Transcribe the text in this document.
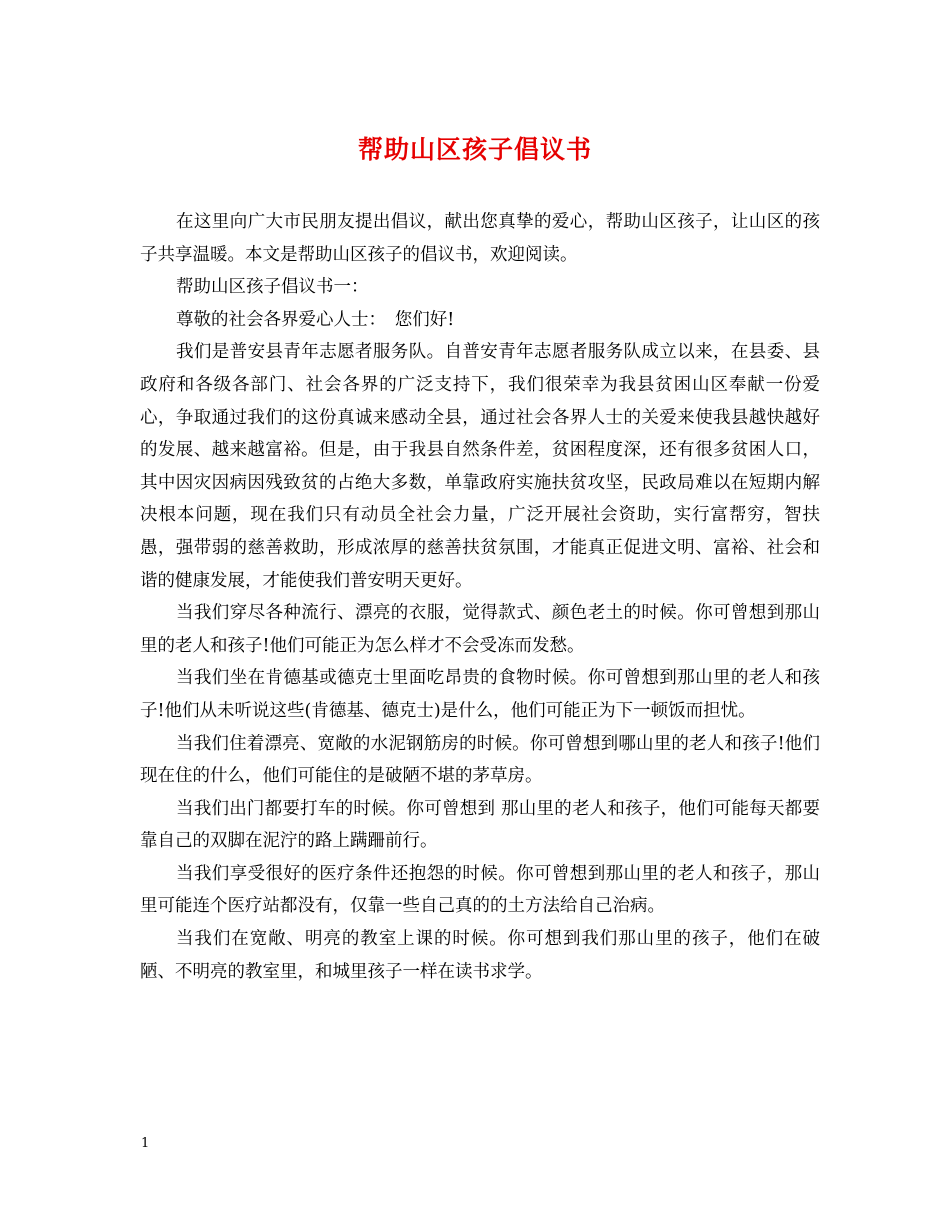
帮助山区孩子倡议书

在这里向广大市民朋友提出倡议，献出您真挚的爱心，帮助山区孩子，让山区的孩子共享温暖。本文是帮助山区孩子的倡议书，欢迎阅读。

帮助山区孩子倡议书一：

尊敬的社会各界爱心人士：　您们好!

我们是普安县青年志愿者服务队。自普安青年志愿者服务队成立以来，在县委、县政府和各级各部门、社会各界的广泛支持下，我们很荣幸为我县贫困山区奉献一份爱心，争取通过我们的这份真诚来感动全县，通过社会各界人士的关爱来使我县越快越好的发展、越来越富裕。但是，由于我县自然条件差，贫困程度深，还有很多贫困人口，其中因灾因病因残致贫的占绝大多数，单靠政府实施扶贫攻坚，民政局难以在短期内解决根本问题，现在我们只有动员全社会力量，广泛开展社会资助，实行富帮穷，智扶愚，强带弱的慈善救助，形成浓厚的慈善扶贫氛围，才能真正促进文明、富裕、社会和谐的健康发展，才能使我们普安明天更好。

当我们穿尽各种流行、漂亮的衣服，觉得款式、颜色老土的时候。你可曾想到那山里的老人和孩子!他们可能正为怎么样才不会受冻而发愁。

当我们坐在肯德基或德克士里面吃昂贵的食物时候。你可曾想到那山里的老人和孩子!他们从未听说这些(肯德基、德克士)是什么，他们可能正为下一顿饭而担忧。

当我们住着漂亮、宽敞的水泥钢筋房的时候。你可曾想到哪山里的老人和孩子!他们现在住的什么，他们可能住的是破陋不堪的茅草房。

当我们出门都要打车的时候。你可曾想到 那山里的老人和孩子，他们可能每天都要靠自己的双脚在泥泞的路上蹒跚前行。

当我们享受很好的医疗条件还抱怨的时候。你可曾想到那山里的老人和孩子，那山里可能连个医疗站都没有，仅靠一些自己真的的土方法给自己治病。

当我们在宽敞、明亮的教室上课的时候。你可想到我们那山里的孩子，他们在破陋、不明亮的教室里，和城里孩子一样在读书求学。

1
